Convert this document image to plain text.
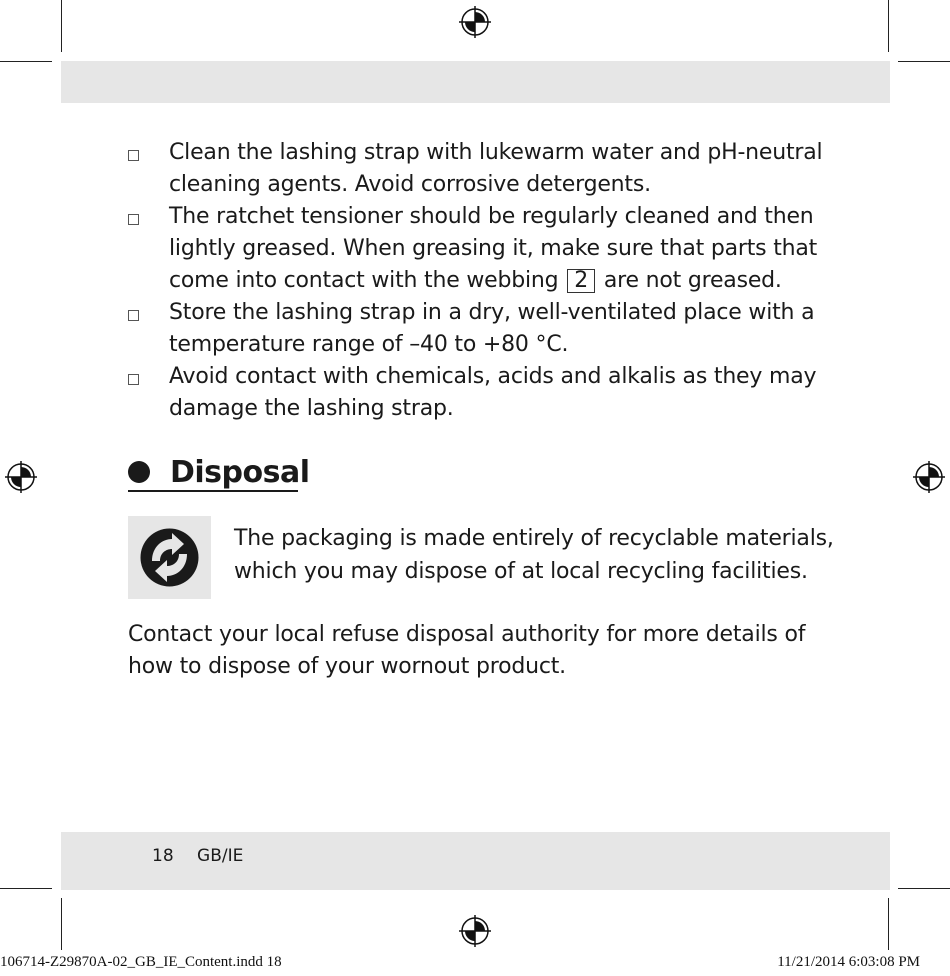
Clean the lashing strap with lukewarm water and pH-neutral cleaning agents. Avoid corrosive detergents.
The ratchet tensioner should be regularly cleaned and then lightly greased. When greasing it, make sure that parts that come into contact with the webbing 2 are not greased.
Store the lashing strap in a dry, well-ventilated place with a temperature range of –40 to +80 °C.
Avoid contact with chemicals, acids and alkalis as they may damage the lashing strap.
Disposal

The packaging is made entirely of recyclable materials, which you may dispose of at local recycling facilities.

Contact your local refuse disposal authority for more details of how to dispose of your wornout product.

18 GB/IE
106714-Z29870A-02_GB_IE_Content.indd 18	11/21/2014 6:03:08 PM
